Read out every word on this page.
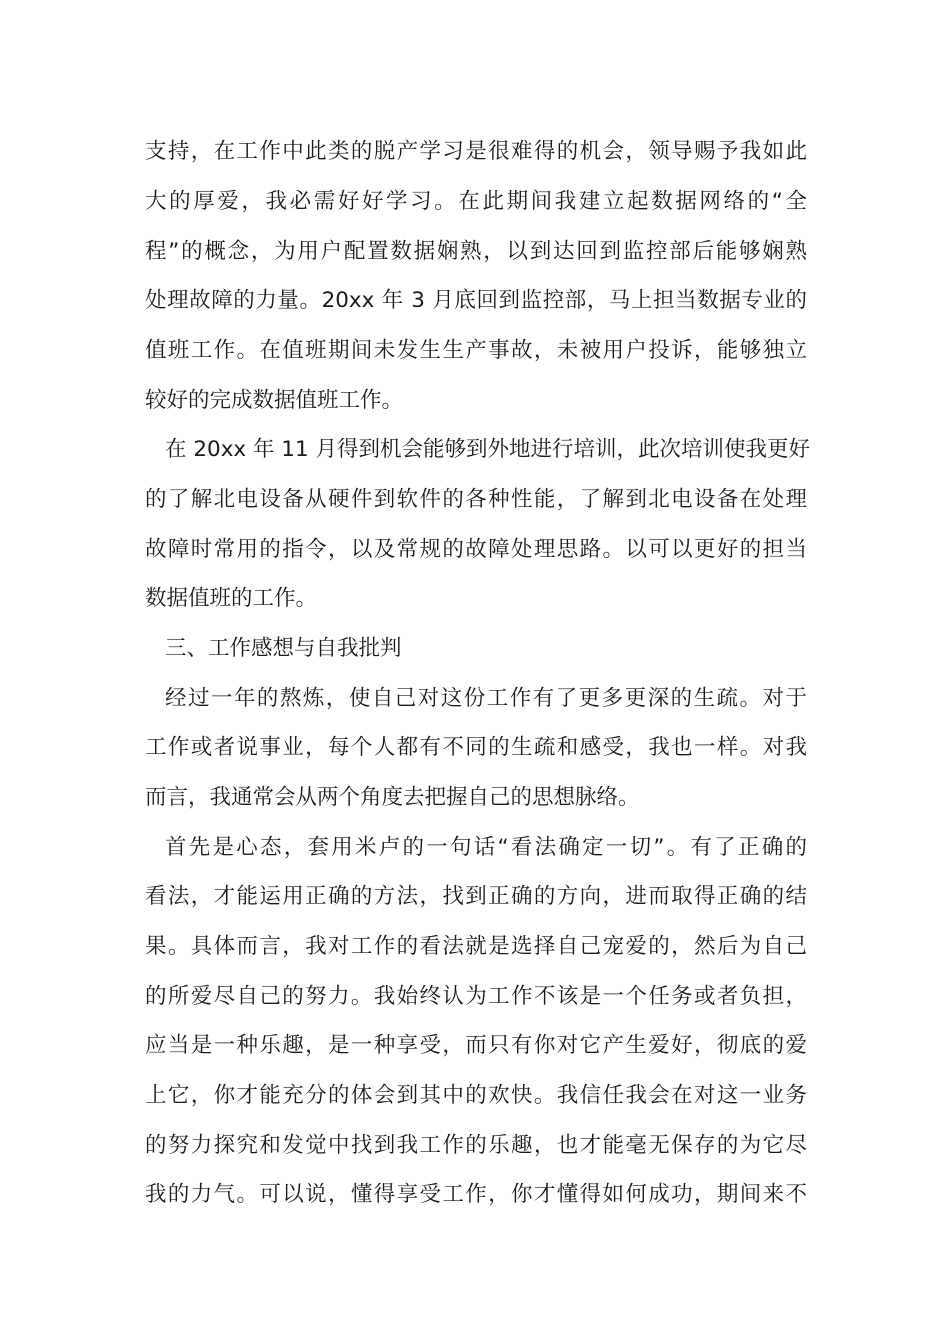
支持，在工作中此类的脱产学习是很难得的机会，领导赐予我如此
大的厚爱，我必需好好学习。在此期间我建立起数据网络的“全
程”的概念，为用户配置数据娴熟，以到达回到监控部后能够娴熟
处理故障的力量。20xx 年 3 月底回到监控部，马上担当数据专业的
值班工作。在值班期间未发生生产事故，未被用户投诉，能够独立
较好的完成数据值班工作。
在 20xx 年 11 月得到机会能够到外地进行培训，此次培训使我更好
的了解北电设备从硬件到软件的各种性能，了解到北电设备在处理
故障时常用的指令，以及常规的故障处理思路。以可以更好的担当
数据值班的工作。
三、工作感想与自我批判
经过一年的熬炼，使自己对这份工作有了更多更深的生疏。对于
工作或者说事业，每个人都有不同的生疏和感受，我也一样。对我
而言，我通常会从两个角度去把握自己的思想脉络。
首先是心态，套用米卢的一句话“看法确定一切”。有了正确的
看法，才能运用正确的方法，找到正确的方向，进而取得正确的结
果。具体而言，我对工作的看法就是选择自己宠爱的，然后为自己
的所爱尽自己的努力。我始终认为工作不该是一个任务或者负担，
应当是一种乐趣，是一种享受，而只有你对它产生爱好，彻底的爱
上它，你才能充分的体会到其中的欢快。我信任我会在对这一业务
的努力探究和发觉中找到我工作的乐趣，也才能毫无保存的为它尽
我的力气。可以说，懂得享受工作，你才懂得如何成功，期间来不
